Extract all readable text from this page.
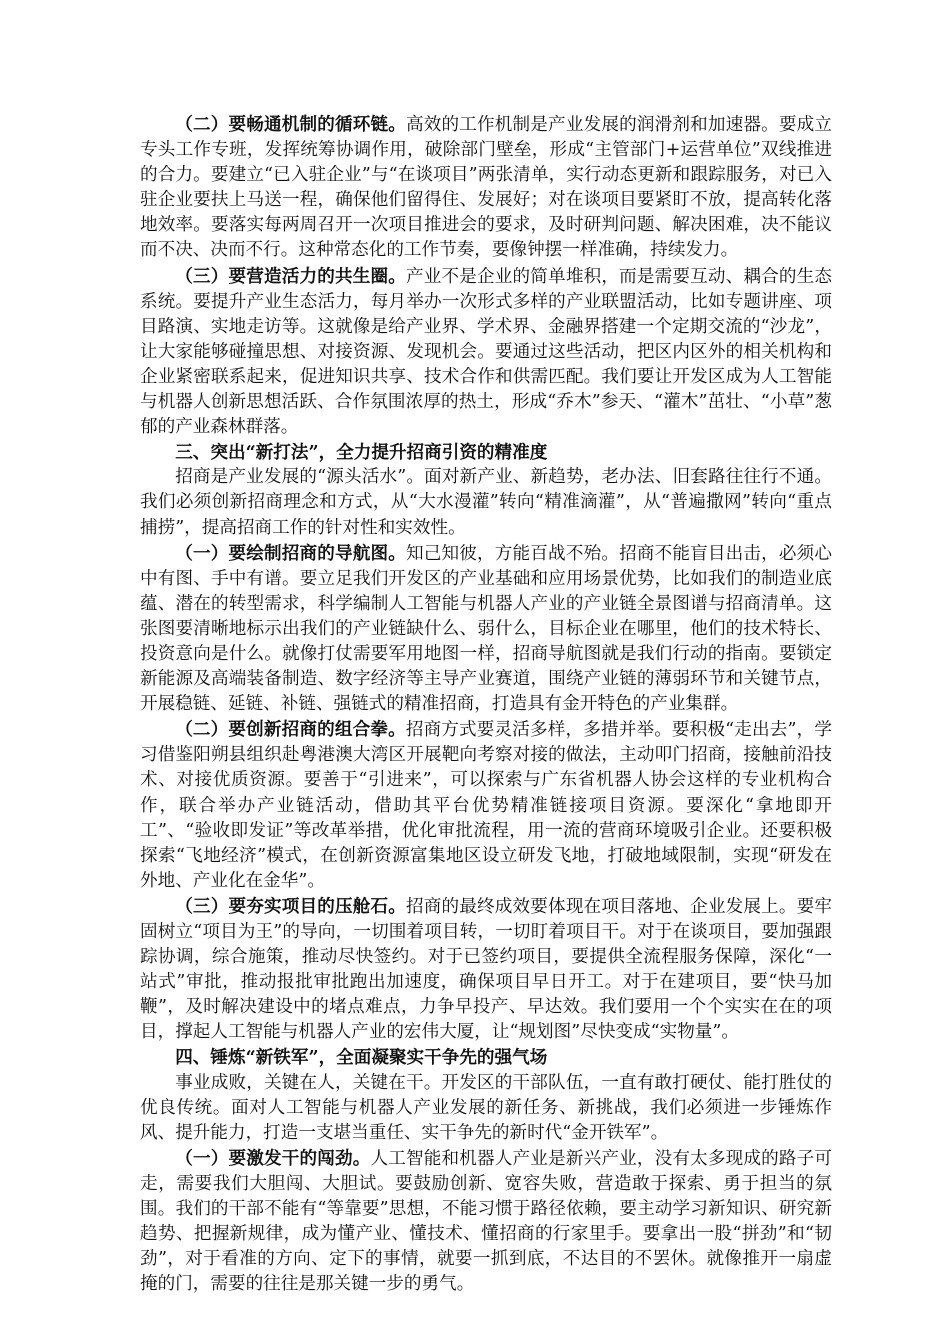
（二）要畅通机制的循环链。高效的工作机制是产业发展的润滑剂和加速器。要成立专头工作专班，发挥统筹协调作用，破除部门壁垒，形成“主管部门+运营单位”双线推进的合力。要建立“已入驻企业”与“在谈项目”两张清单，实行动态更新和跟踪服务，对已入驻企业要扶上马送一程，确保他们留得住、发展好；对在谈项目要紧盯不放，提高转化落地效率。要落实每两周召开一次项目推进会的要求，及时研判问题、解决困难，决不能议而不决、决而不行。这种常态化的工作节奏，要像钟摆一样准确，持续发力。

（三）要营造活力的共生圈。产业不是企业的简单堆积，而是需要互动、耦合的生态系统。要提升产业生态活力，每月举办一次形式多样的产业联盟活动，比如专题讲座、项目路演、实地走访等。这就像是给产业界、学术界、金融界搭建一个定期交流的“沙龙”，让大家能够碰撞思想、对接资源、发现机会。要通过这些活动，把区内区外的相关机构和企业紧密联系起来，促进知识共享、技术合作和供需匹配。我们要让开发区成为人工智能与机器人创新思想活跃、合作氛围浓厚的热土，形成“乔木”参天、“灌木”茁壮、“小草”葱郁的产业森林群落。

三、突出“新打法”，全力提升招商引资的精准度

招商是产业发展的“源头活水”。面对新产业、新趋势，老办法、旧套路往往行不通。我们必须创新招商理念和方式，从“大水漫灌”转向“精准滴灌”，从“普遍撒网”转向“重点捕捞”，提高招商工作的针对性和实效性。

（一）要绘制招商的导航图。知己知彼，方能百战不殆。招商不能盲目出击，必须心中有图、手中有谱。要立足我们开发区的产业基础和应用场景优势，比如我们的制造业底蕴、潜在的转型需求，科学编制人工智能与机器人产业的产业链全景图谱与招商清单。这张图要清晰地标示出我们的产业链缺什么、弱什么，目标企业在哪里，他们的技术特长、投资意向是什么。就像打仗需要军用地图一样，招商导航图就是我们行动的指南。要锁定新能源及高端装备制造、数字经济等主导产业赛道，围绕产业链的薄弱环节和关键节点，开展稳链、延链、补链、强链式的精准招商，打造具有金开特色的产业集群。

（二）要创新招商的组合拳。招商方式要灵活多样，多措并举。要积极“走出去”，学习借鉴阳朔县组织赴粤港澳大湾区开展靶向考察对接的做法，主动叩门招商，接触前沿技术、对接优质资源。要善于“引进来”，可以探索与广东省机器人协会这样的专业机构合作，联合举办产业链活动，借助其平台优势精准链接项目资源。要深化“拿地即开工”、“验收即发证”等改革举措，优化审批流程，用一流的营商环境吸引企业。还要积极探索“飞地经济”模式，在创新资源富集地区设立研发飞地，打破地域限制，实现“研发在外地、产业化在金华”。

（三）要夯实项目的压舱石。招商的最终成效要体现在项目落地、企业发展上。要牢固树立“项目为王”的导向，一切围着项目转，一切盯着项目干。对于在谈项目，要加强跟踪协调，综合施策，推动尽快签约。对于已签约项目，要提供全流程服务保障，深化“一站式”审批，推动报批审批跑出加速度，确保项目早日开工。对于在建项目，要“快马加鞭”，及时解决建设中的堵点难点，力争早投产、早达效。我们要用一个个实实在在的项目，撑起人工智能与机器人产业的宏伟大厦，让“规划图”尽快变成“实物量”。

四、锤炼“新铁军”，全面凝聚实干争先的强气场

事业成败，关键在人，关键在干。开发区的干部队伍，一直有敢打硬仗、能打胜仗的优良传统。面对人工智能与机器人产业发展的新任务、新挑战，我们必须进一步锤炼作风、提升能力，打造一支堪当重任、实干争先的新时代“金开铁军”。

（一）要激发干的闯劲。人工智能和机器人产业是新兴产业，没有太多现成的路子可走，需要我们大胆闯、大胆试。要鼓励创新、宽容失败，营造敢于探索、勇于担当的氛围。我们的干部不能有“等靠要”思想，不能习惯于路径依赖，要主动学习新知识、研究新趋势、把握新规律，成为懂产业、懂技术、懂招商的行家里手。要拿出一股“拼劲”和“韧劲”，对于看准的方向、定下的事情，就要一抓到底，不达目的不罢休。就像推开一扇虚掩的门，需要的往往是那关键一步的勇气。
